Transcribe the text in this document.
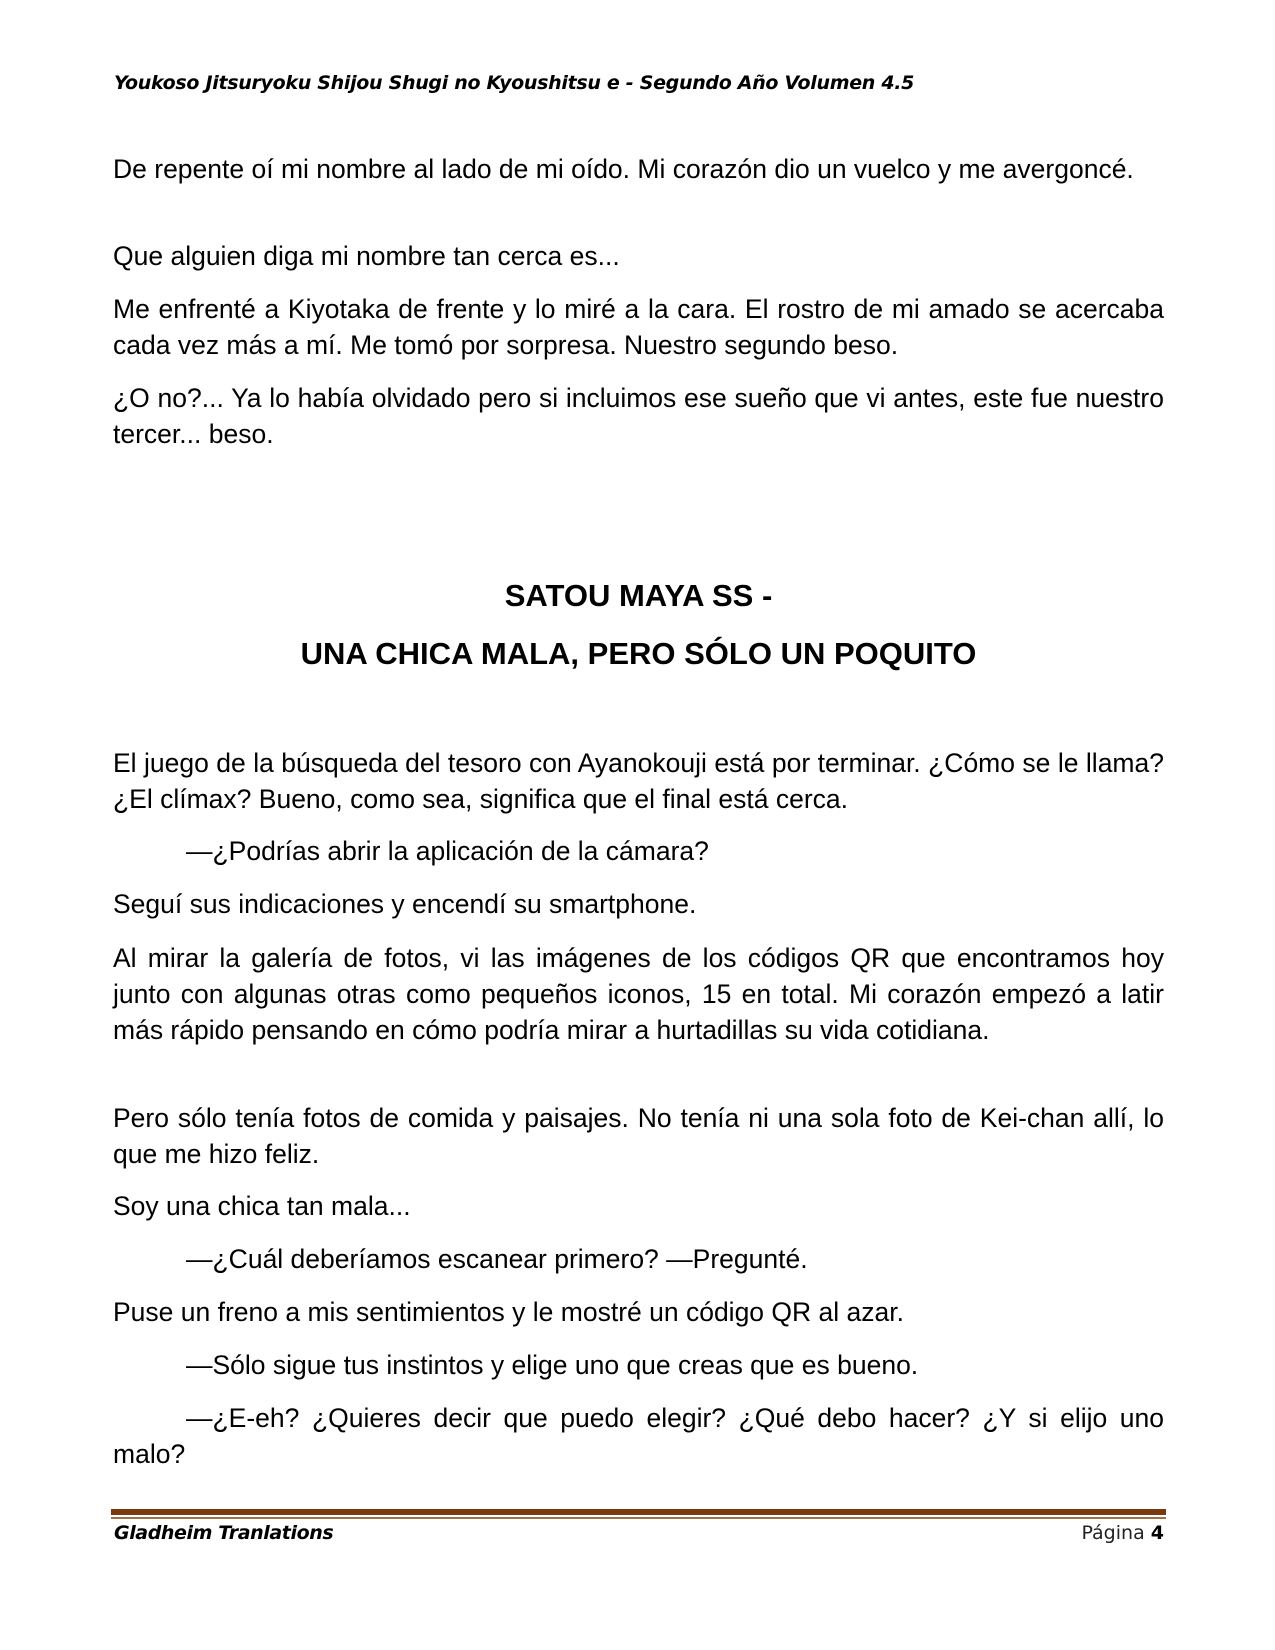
Youkoso Jitsuryoku Shijou Shugi no Kyoushitsu e - Segundo Año Volumen 4.5

De repente oí mi nombre al lado de mi oído. Mi corazón dio un vuelco y me avergoncé.

Que alguien diga mi nombre tan cerca es...

Me enfrenté a Kiyotaka de frente y lo miré a la cara. El rostro de mi amado se acercaba cada vez más a mí. Me tomó por sorpresa. Nuestro segundo beso.

¿O no?... Ya lo había olvidado pero si incluimos ese sueño que vi antes, este fue nuestro tercer... beso.

SATOU MAYA SS -
UNA CHICA MALA, PERO SÓLO UN POQUITO

El juego de la búsqueda del tesoro con Ayanokouji está por terminar. ¿Cómo se le llama? ¿El clímax? Bueno, como sea, significa que el final está cerca.

—¿Podrías abrir la aplicación de la cámara?

Seguí sus indicaciones y encendí su smartphone.

Al mirar la galería de fotos, vi las imágenes de los códigos QR que encontramos hoy junto con algunas otras como pequeños iconos, 15 en total. Mi corazón empezó a latir más rápido pensando en cómo podría mirar a hurtadillas su vida cotidiana.

Pero sólo tenía fotos de comida y paisajes. No tenía ni una sola foto de Kei-chan allí, lo que me hizo feliz.

Soy una chica tan mala...

—¿Cuál deberíamos escanear primero? —Pregunté.

Puse un freno a mis sentimientos y le mostré un código QR al azar.

—Sólo sigue tus instintos y elige uno que creas que es bueno.

—¿E-eh? ¿Quieres decir que puedo elegir? ¿Qué debo hacer? ¿Y si elijo uno malo?

Gladheim Tranlations	Página 4
